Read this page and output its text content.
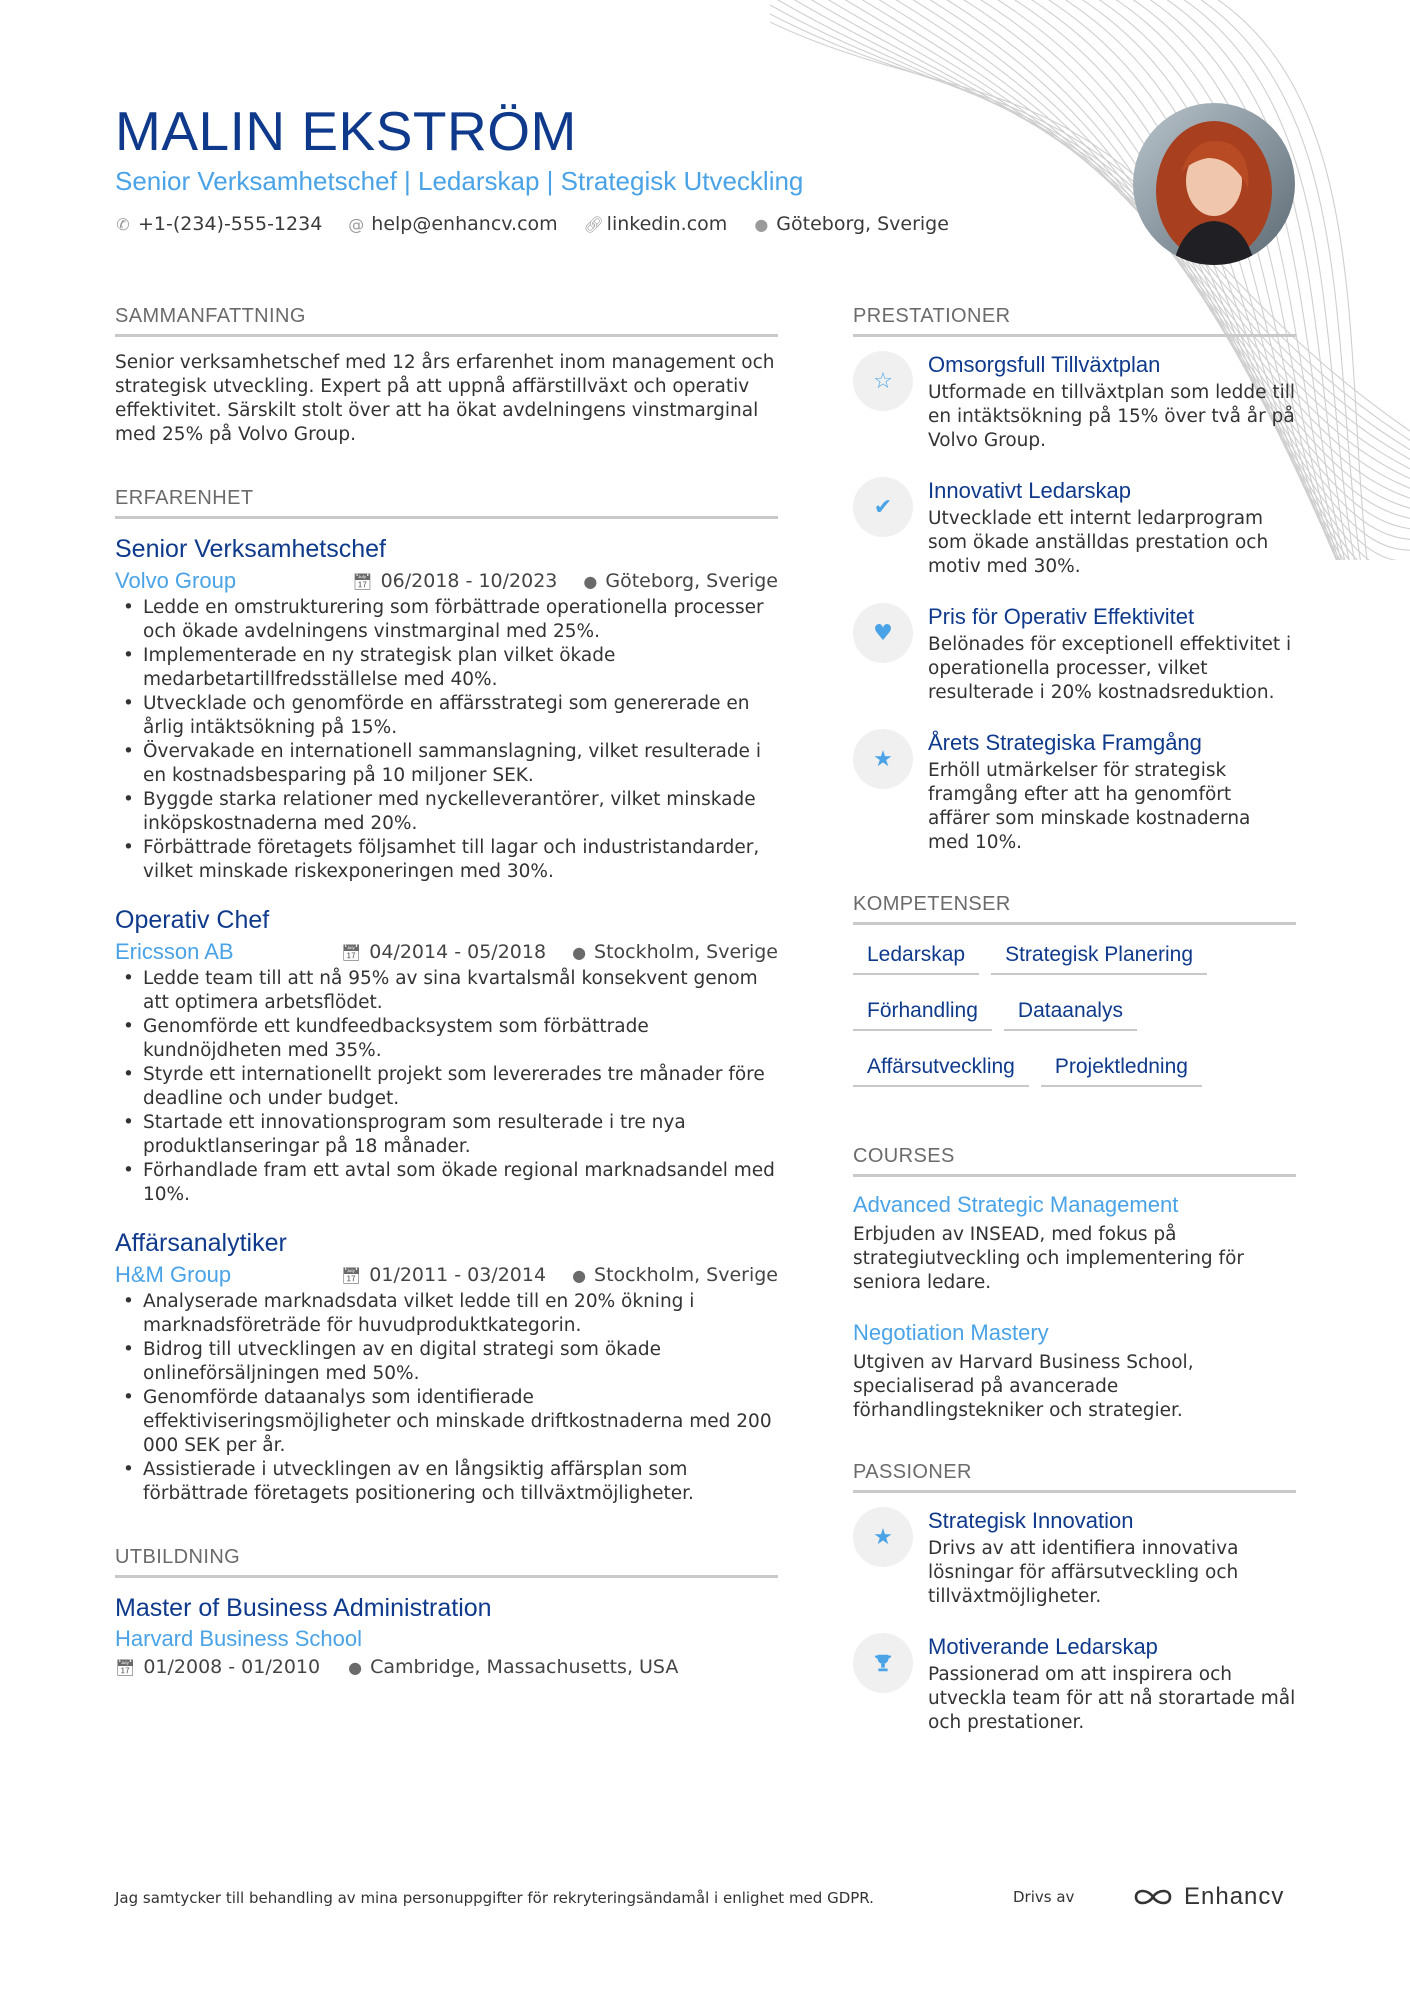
MALIN EKSTRÖM
Senior Verksamhetschef | Ledarskap | Strategisk Utveckling
✆ +1-(234)-555-1234 @ help@enhancv.com 🔗︎ linkedin.com ● Göteborg, Sverige
SAMMANFATTNING
Senior verksamhetschef med 12 års erfarenhet inom management och strategisk utveckling. Expert på att uppnå affärstillväxt och operativ effektivitet. Särskilt stolt över att ha ökat avdelningens vinstmarginal med 25% på Volvo Group.
ERFARENHET
Senior Verksamhetschef
Volvo Group	📅︎ 06/2018 - 10/2023 ● Göteborg, Sverige
• Ledde en omstrukturering som förbättrade operationella processer och ökade avdelningens vinstmarginal med 25%.
• Implementerade en ny strategisk plan vilket ökade medarbetartillfredsställelse med 40%.
• Utvecklade och genomförde en affärsstrategi som genererade en årlig intäktsökning på 15%.
• Övervakade en internationell sammanslagning, vilket resulterade i en kostnadsbesparing på 10 miljoner SEK.
• Byggde starka relationer med nyckelleverantörer, vilket minskade inköpskostnaderna med 20%.
• Förbättrade företagets följsamhet till lagar och industristandarder, vilket minskade riskexponeringen med 30%.
Operativ Chef
Ericsson AB	📅︎ 04/2014 - 05/2018 ● Stockholm, Sverige
• Ledde team till att nå 95% av sina kvartalsmål konsekvent genom att optimera arbetsflödet.
• Genomförde ett kundfeedbacksystem som förbättrade kundnöjdheten med 35%.
• Styrde ett internationellt projekt som levererades tre månader före deadline och under budget.
• Startade ett innovationsprogram som resulterade i tre nya produktlanseringar på 18 månader.
• Förhandlade fram ett avtal som ökade regional marknadsandel med 10%.
Affärsanalytiker
H&M Group	📅︎ 01/2011 - 03/2014 ● Stockholm, Sverige
• Analyserade marknadsdata vilket ledde till en 20% ökning i marknadsföreträde för huvudproduktkategorin.
• Bidrog till utvecklingen av en digital strategi som ökade onlineförsäljningen med 50%.
• Genomförde dataanalys som identifierade effektiviseringsmöjligheter och minskade driftkostnaderna med 200 000 SEK per år.
• Assistierade i utvecklingen av en långsiktig affärsplan som förbättrade företagets positionering och tillväxtmöjligheter.
UTBILDNING
Master of Business Administration
Harvard Business School
📅︎ 01/2008 - 01/2010 ● Cambridge, Massachusetts, USA
PRESTATIONER
☆
Omsorgsfull Tillväxtplan
Utformade en tillväxtplan som ledde till en intäktsökning på 15% över två år på Volvo Group.
✔
Innovativt Ledarskap
Utvecklade ett internt ledarprogram som ökade anställdas prestation och motiv med 30%.
♥
Pris för Operativ Effektivitet
Belönades för exceptionell effektivitet i operationella processer, vilket resulterade i 20% kostnadsreduktion.
★
Årets Strategiska Framgång
Erhöll utmärkelser för strategisk framgång efter att ha genomfört affärer som minskade kostnaderna med 10%.
KOMPETENSER
Ledarskap	Strategisk Planering
Förhandling	Dataanalys
Affärsutveckling	Projektledning
COURSES
Advanced Strategic Management
Erbjuden av INSEAD, med fokus på strategiutveckling och implementering för seniora ledare.
Negotiation Mastery
Utgiven av Harvard Business School, specialiserad på avancerade förhandlingstekniker och strategier.
PASSIONER
★
Strategisk Innovation
Drivs av att identifiera innovativa lösningar för affärsutveckling och tillväxtmöjligheter.
Motiverande Ledarskap
Passionerad om att inspirera och utveckla team för att nå storartade mål och prestationer.
Jag samtycker till behandling av mina personuppgifter för rekryteringsändamål i enlighet med GDPR.	Drivs av	Enhancv
